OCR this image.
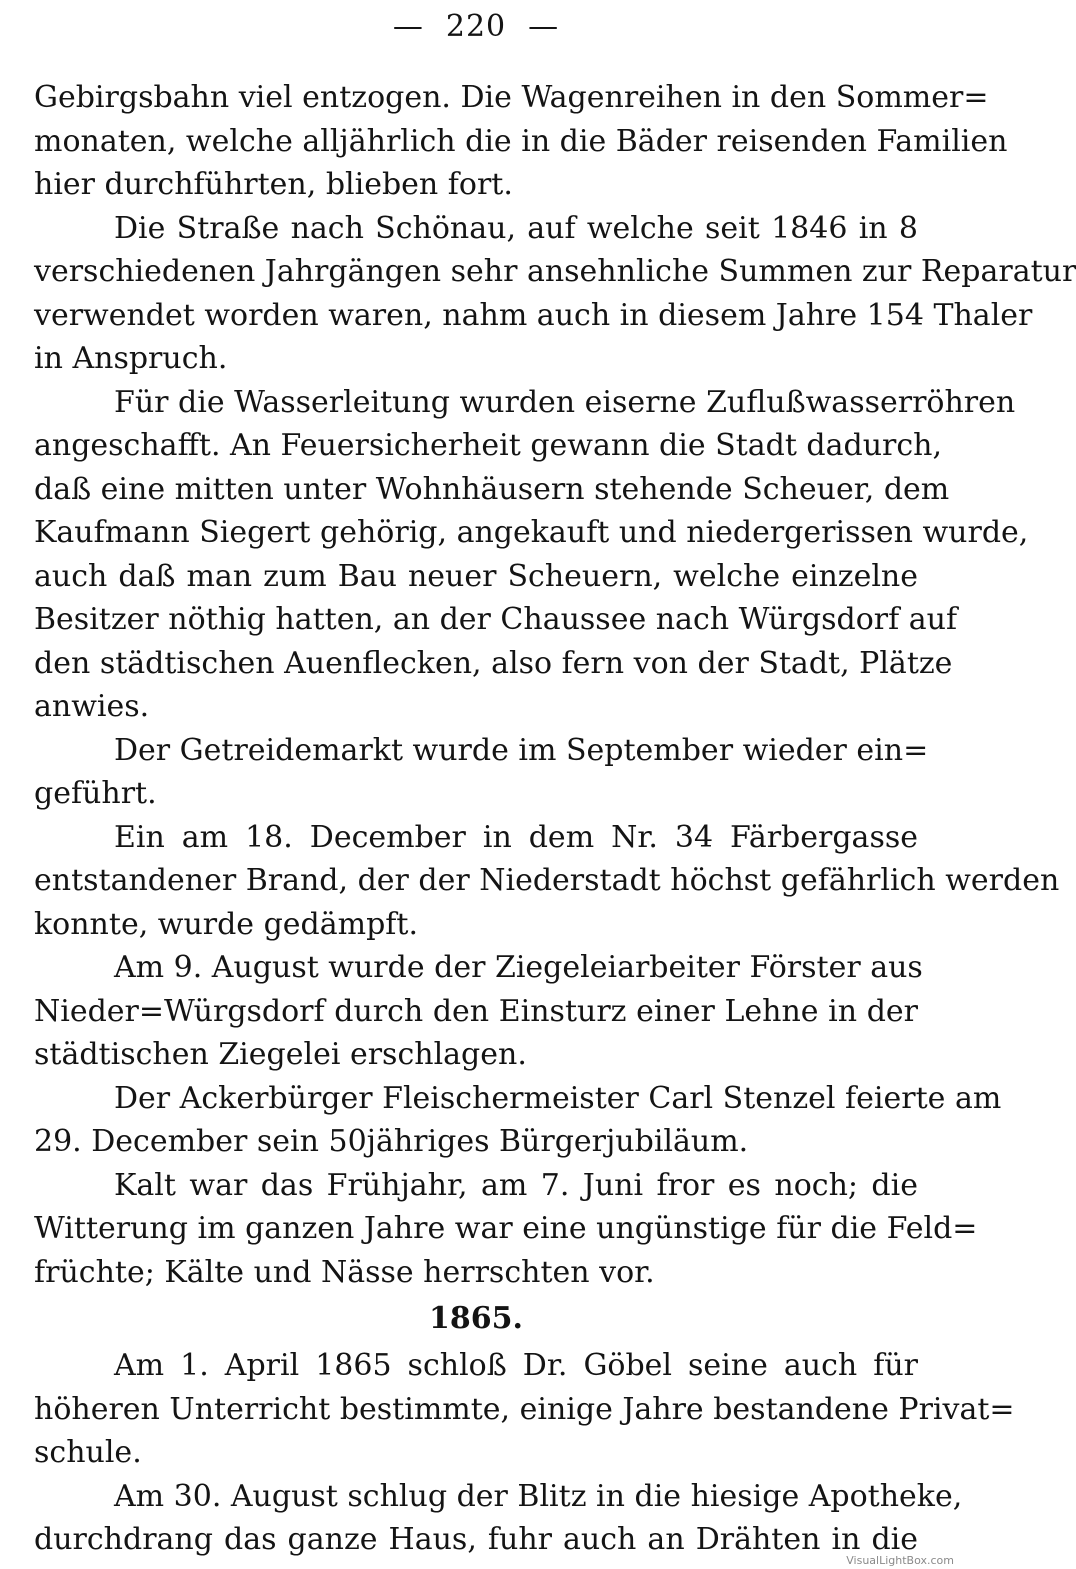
— 220 —

Gebirgsbahn viel entzogen. Die Wagenreihen in den Sommer=
monaten, welche alljährlich die in die Bäder reisenden Familien
hier durchführten, blieben fort.

Die Straße nach Schönau, auf welche seit 1846 in 8
verschiedenen Jahrgängen sehr ansehnliche Summen zur Reparatur
verwendet worden waren, nahm auch in diesem Jahre 154 Thaler
in Anspruch.

Für die Wasserleitung wurden eiserne Zuflußwasserröhren
angeschafft. An Feuersicherheit gewann die Stadt dadurch,
daß eine mitten unter Wohnhäusern stehende Scheuer, dem
Kaufmann Siegert gehörig, angekauft und niedergerissen wurde,
auch daß man zum Bau neuer Scheuern, welche einzelne
Besitzer nöthig hatten, an der Chaussee nach Würgsdorf auf
den städtischen Auenflecken, also fern von der Stadt, Plätze
anwies.

Der Getreidemarkt wurde im September wieder ein=
geführt.

Ein am 18. December in dem Nr. 34 Färbergasse
entstandener Brand, der der Niederstadt höchst gefährlich werden
konnte, wurde gedämpft.

Am 9. August wurde der Ziegeleiarbeiter Förster aus
Nieder=Würgsdorf durch den Einsturz einer Lehne in der
städtischen Ziegelei erschlagen.

Der Ackerbürger Fleischermeister Carl Stenzel feierte am
29. December sein 50jähriges Bürgerjubiläum.

Kalt war das Frühjahr, am 7. Juni fror es noch; die
Witterung im ganzen Jahre war eine ungünstige für die Feld=
früchte; Kälte und Nässe herrschten vor.

1865.

Am 1. April 1865 schloß Dr. Göbel seine auch für
höheren Unterricht bestimmte, einige Jahre bestandene Privat=
schule.

Am 30. August schlug der Blitz in die hiesige Apotheke,
durchdrang das ganze Haus, fuhr auch an Drähten in die

VisualLightBox.com
